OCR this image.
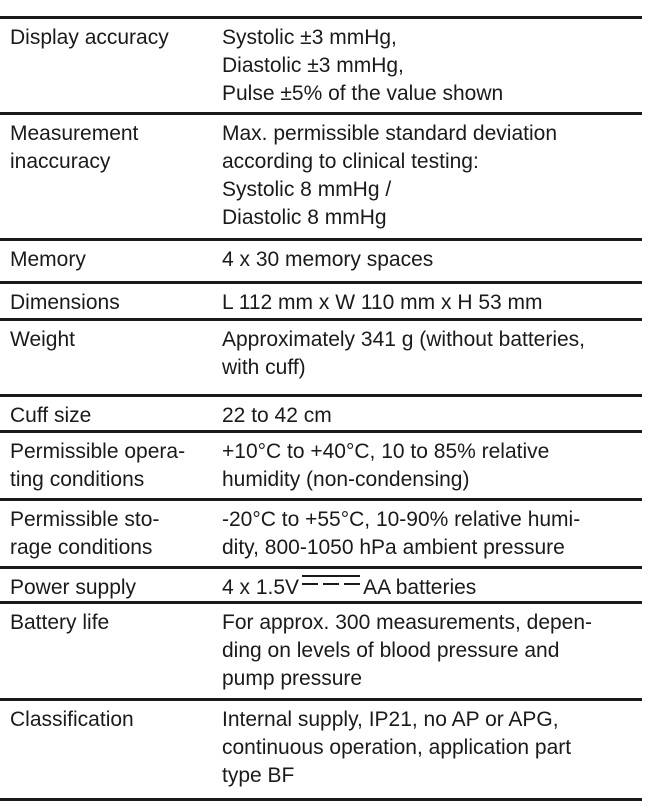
Display accuracy	Systolic ±3 mmHg,
Diastolic ±3 mmHg,
Pulse ±5% of the value shown
Measurement
inaccuracy
Max. permissible standard deviation
according to clinical testing:
Systolic 8 mmHg /
Diastolic 8 mmHg
Memory	4 x 30 memory spaces
Dimensions	L 112 mm x W 110 mm x H 53 mm
Weight	Approximately 341 g (without batteries,
with cuff)
Cuff size	22 to 42 cm
Permissible opera-
ting conditions
+10°C to +40°C, 10 to 85% relative
humidity (non-condensing)
Permissible sto-
rage conditions
-20°C to +55°C, 10-90% relative humi-
dity, 800-1050 hPa ambient pressure
Power supply	4 x 1.5V	AA batteries
Battery life	For approx. 300 measurements, depen-
ding on levels of blood pressure and
pump pressure
Classification	Internal supply, IP21, no AP or APG,
continuous operation, application part
type BF
